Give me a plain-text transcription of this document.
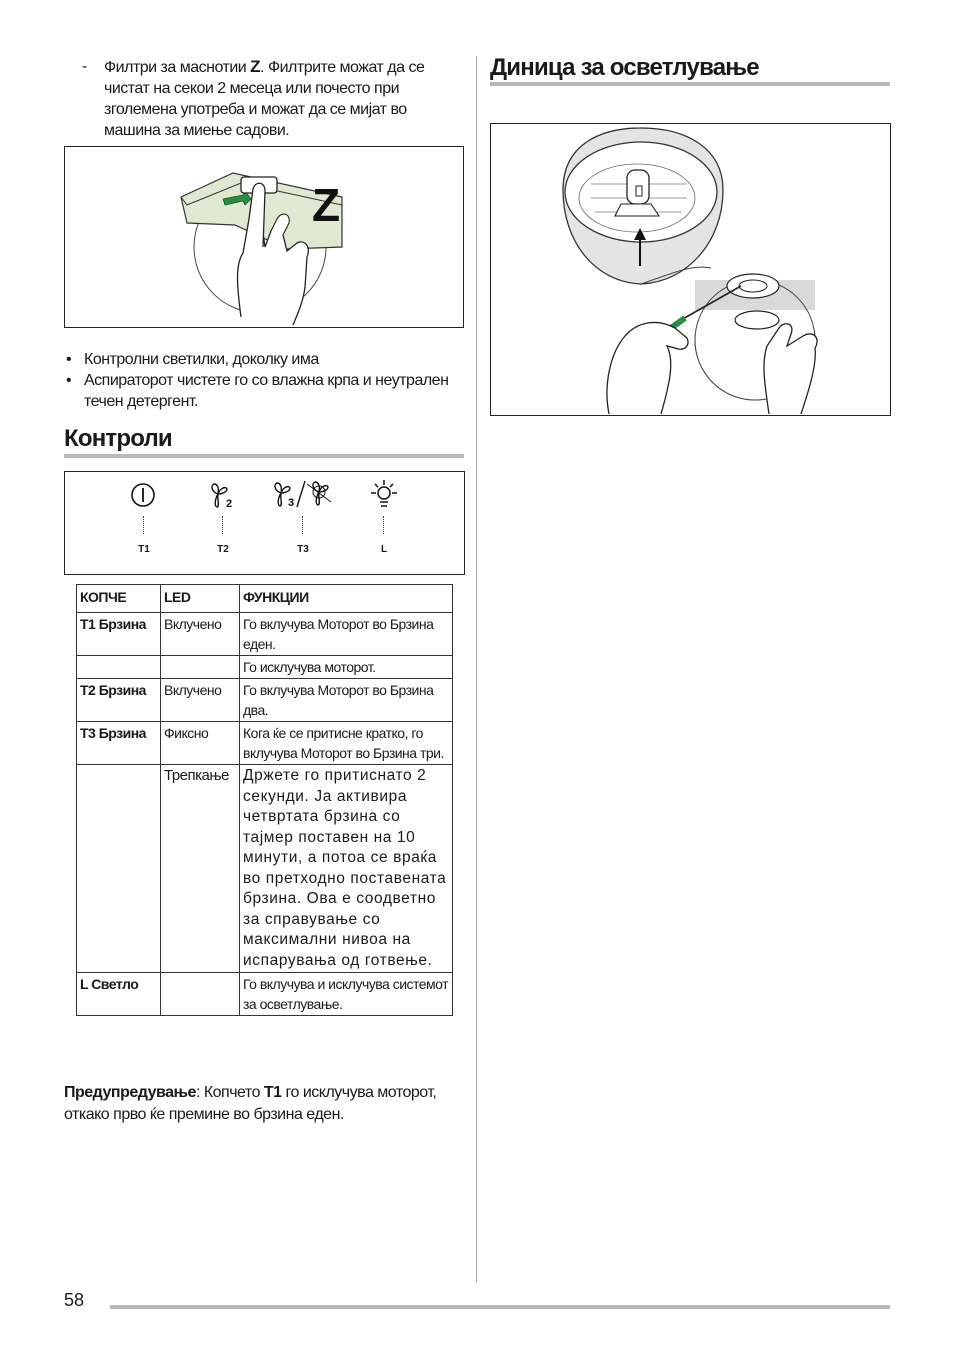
- Филтри за маснотии Z. Филтрите можат да се чистат на секои 2 месеца или почесто при зголемена употреба и можат да се мијат во машина за миење садови.
Z
• Контролни светилки, доколку има
• Аспираторот чистете го со влажна крпа и неутрален течен детергент.
Контроли
2	3
T1	T2	T3	L
КОПЧЕ	LED	ФУНКЦИИ
T1 Брзина	Вклучено	Го вклучува Моторот во Брзина еден.
		Го исклучува моторот.
T2 Брзина	Вклучено	Го вклучува Моторот во Брзина два.
T3 Брзина	Фиксно	Кога ќе се притисне кратко, го вклучува Моторот во Брзина три.
	Трепкање	Држете го притиснато 2 секунди. Ја активира четвртата брзина со тајмер поставен на 10 минути, а потоа се враќа во претходно поставената брзина. Ова е соодветно за справување со максимални нивоа на испарувања од готвење.
L Светло		Го вклучува и исклучува системот за осветлување.
Предупредување: Копчето T1 го исклучува моторот, откако прво ќе премине во брзина еден.
Диница за осветлување
58
